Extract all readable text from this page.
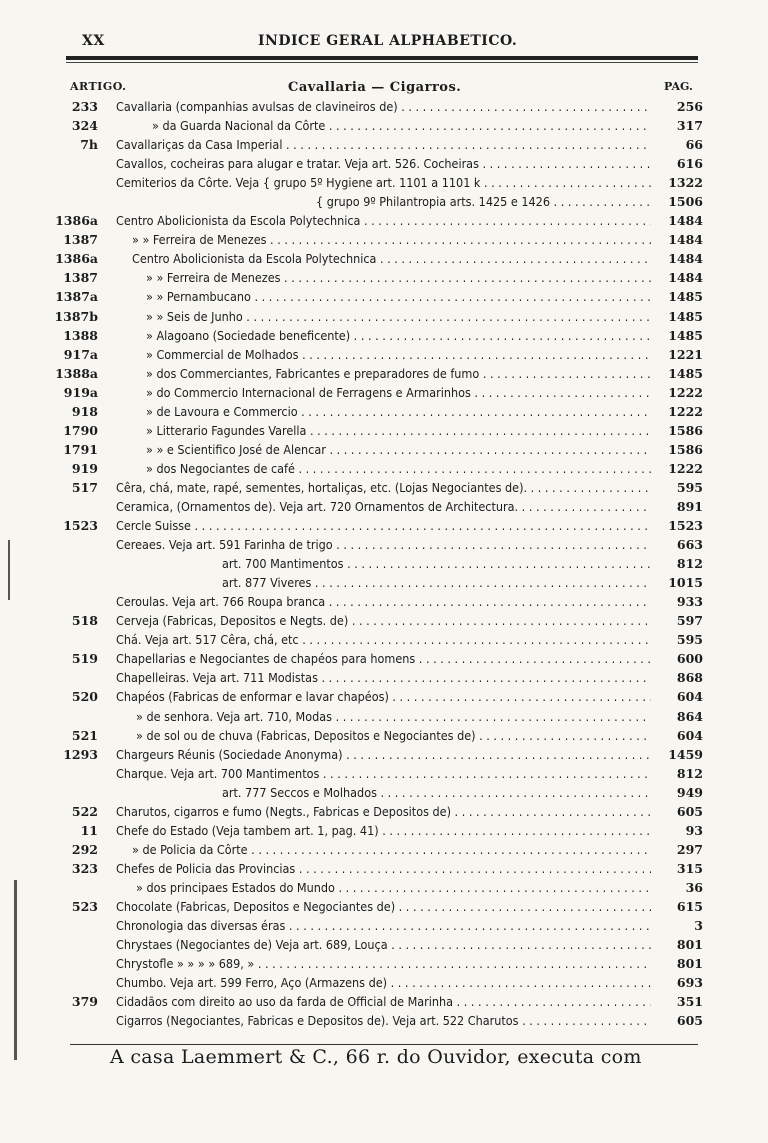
XX	INDICE GERAL ALPHABETICO.
ARTIGO.	Cavallaria — Cigarros.	PAG.
233 Cavallaria (companhias avulsas de clavineiros de) . . .	256
324	» da Guarda Nacional da Côrte . . .	317
7h Cavallariças da Casa Imperial . . .	66
Cavallos, cocheiras para alugar e tratar. Veja art. 526. Cocheiras . . .	616
Cemiterios da Côrte. Veja { grupo 5º Hygiene art. 1101 a 1101 k . . .	1322
{ grupo 9º Philantropia arts. 1425 e 1426 . . .	1506
1386a Centro Abolicionista da Escola Polytechnica . . .	1484
1387	» » Ferreira de Menezes . . .	1484
1386a	Centro Abolicionista da Escola Polytechnica . . .	1484
1387	» » Ferreira de Menezes . . .	1484
1387a	» » Pernambucano . . .	1485
1387b	» » Seis de Junho . . .	1485
1388	» Alagoano (Sociedade beneficente) . . .	1485
917a	» Commercial de Molhados . . .	1221
1388a	» dos Commerciantes, Fabricantes e preparadores de fumo . . .	1485
919a	» do Commercio Internacional de Ferragens e Armarinhos . . .	1222
918	» de Lavoura e Commercio . . .	1222
1790	» Litterario Fagundes Varella . . .	1586
1791	» » e Scientifico José de Alencar . . .	1586
919	» dos Negociantes de café . . .	1222
517 Cêra, chá, mate, rapé, sementes, hortaliças, etc. (Lojas Negociantes de). . . .	595
Ceramica, (Ornamentos de). Veja art. 720 Ornamentos de Architectura. . . .	891
1523 Cercle Suisse . . .	1523
Cereaes. Veja art. 591 Farinha de trigo . . .	663
art. 700 Mantimentos . . .	812
art. 877 Viveres . . .	1015
Ceroulas. Veja art. 766 Roupa branca . . .	933
518 Cerveja (Fabricas, Depositos e Negts. de) . . .	597
Chá. Veja art. 517 Cêra, chá, etc . . .	595
519 Chapellarias e Negociantes de chapéos para homens . . .	600
Chapelleiras. Veja art. 711 Modistas . . .	868
520 Chapéos (Fabricas de enformar e lavar chapéos) . . .	604
» de senhora. Veja art. 710, Modas . . .	864
521	» de sol ou de chuva (Fabricas, Depositos e Negociantes de) . . .	604
1293 Chargeurs Réunis (Sociedade Anonyma) . . .	1459
Charque. Veja art. 700 Mantimentos . . .	812
art. 777 Seccos e Molhados . . .	949
522 Charutos, cigarros e fumo (Negts., Fabricas e Depositos de) . . .	605
11 Chefe do Estado (Veja tambem art. 1, pag. 41) . . .	93
292	» de Policia da Côrte . . .	297
323 Chefes de Policia das Provincias . . .	315
» dos principaes Estados do Mundo . . .	36
523 Chocolate (Fabricas, Depositos e Negociantes de) . . .	615
Chronologia das diversas éras . . .	3
Chrystaes (Negociantes de) Veja art. 689, Louça . . .	801
Chrystofle » » » » 689, » . . .	801
Chumbo. Veja art. 599 Ferro, Aço (Armazens de) . . .	693
379 Cidadãos com direito ao uso da farda de Official de Marinha . . .	351
Cigarros (Negociantes, Fabricas e Depositos de). Veja art. 522 Charutos . . .	605
A casa Laemmert & C., 66 r. do Ouvidor, executa com
